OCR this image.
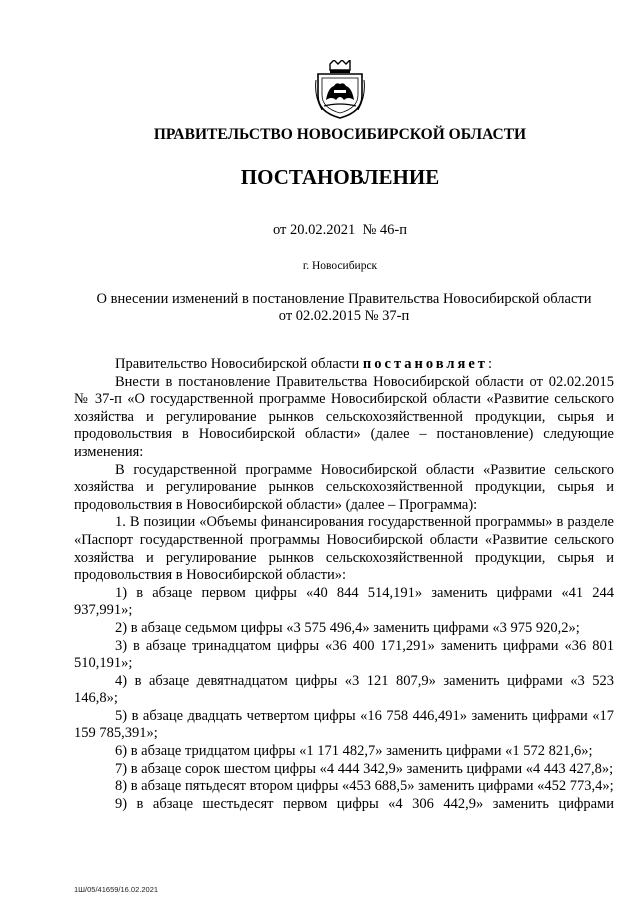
ПРАВИТЕЛЬСТВО НОВОСИБИРСКОЙ ОБЛАСТИ
ПОСТАНОВЛЕНИЕ
от 20.02.2021  № 46-п
г. Новосибирск
О внесении изменений в постановление Правительства Новосибирской области
от 02.02.2015 № 37-п

Правительство Новосибирской области постановляет:

Внести в постановление Правительства Новосибирской области от 02.02.2015 № 37-п «О государственной программе Новосибирской области «Развитие сельского хозяйства и регулирование рынков сельскохозяйственной продукции, сырья и продовольствия в Новосибирской области» (далее – постановление) следующие изменения:

В государственной программе Новосибирской области «Развитие сельского хозяйства и регулирование рынков сельскохозяйственной продукции, сырья и продовольствия в Новосибирской области» (далее – Программа):

1. В позиции «Объемы финансирования государственной программы» в разделе «Паспорт государственной программы Новосибирской области «Развитие сельского хозяйства и регулирование рынков сельскохозяйственной продукции, сырья и продовольствия в Новосибирской области»:

1) в абзаце первом цифры «40 844 514,191» заменить цифрами «41 244 937,991»;

2) в абзаце седьмом цифры «3 575 496,4» заменить цифрами «3 975 920,2»;

3) в абзаце тринадцатом цифры «36 400 171,291» заменить цифрами «36 801 510,191»;

4) в абзаце девятнадцатом цифры «3 121 807,9» заменить цифрами «3 523 146,8»;

5) в абзаце двадцать четвертом цифры «16 758 446,491» заменить цифрами «17 159 785,391»;

6) в абзаце тридцатом цифры «1 171 482,7» заменить цифрами «1 572 821,6»;

7) в абзаце сорок шестом цифры «4 444 342,9» заменить цифрами «4 443 427,8»;

8) в абзаце пятьдесят втором цифры «453 688,5» заменить цифрами «452 773,4»;

9) в абзаце шестьдесят первом цифры «4 306 442,9» заменить цифрами

1Ш/05/41659/16.02.2021
